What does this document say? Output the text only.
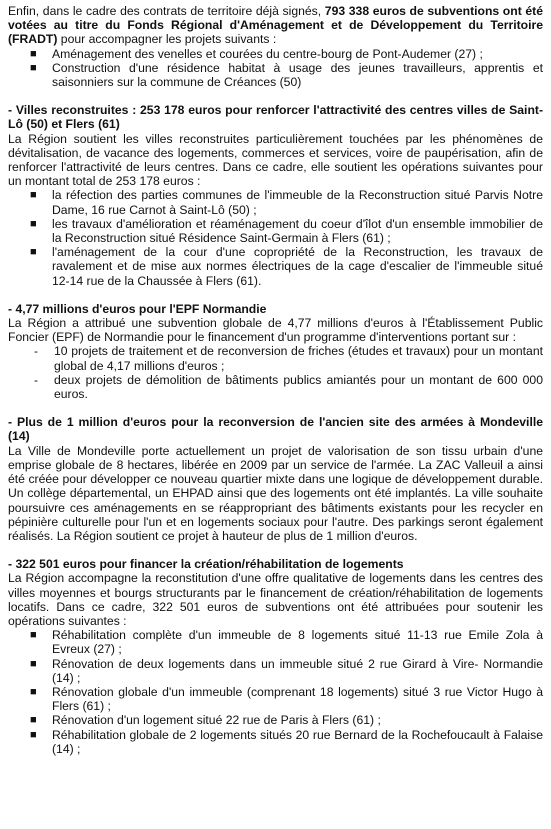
Enfin, dans le cadre des contrats de territoire déjà signés, 793 338 euros de subventions ont été votées au titre du Fonds Régional d'Aménagement et de Développement du Territoire (FRADT) pour accompagner les projets suivants :

■ Aménagement des venelles et courées du centre-bourg de Pont-Audemer (27) ;
■ Construction d'une résidence habitat à usage des jeunes travailleurs, apprentis et saisonniers sur la commune de Créances (50)

- Villes reconstruites : 253 178 euros pour renforcer l'attractivité des centres villes de Saint-Lô (50) et Flers (61)

La Région soutient les villes reconstruites particulièrement touchées par les phénomènes de dévitalisation, de vacance des logements, commerces et services, voire de paupérisation, afin de renforcer l'attractivité de leurs centres. Dans ce cadre, elle soutient les opérations suivantes pour un montant total de 253 178 euros :

■ la réfection des parties communes de l'immeuble de la Reconstruction situé Parvis Notre Dame, 16 rue Carnot à Saint-Lô (50) ;
■ les travaux d'amélioration et réaménagement du coeur d'îlot d'un ensemble immobilier de la Reconstruction situé Résidence Saint-Germain à Flers (61) ;
■ l'aménagement de la cour d'une copropriété de la Reconstruction, les travaux de ravalement et de mise aux normes électriques de la cage d'escalier de l'immeuble situé 12-14 rue de la Chaussée à Flers (61).

- 4,77 millions d'euros pour l'EPF Normandie

La Région a attribué une subvention globale de 4,77 millions d'euros à l'Établissement Public Foncier (EPF) de Normandie pour le financement d'un programme d'interventions portant sur :

- 10 projets de traitement et de reconversion de friches (études et travaux) pour un montant global de 4,17 millions d'euros ;
- deux projets de démolition de bâtiments publics amiantés pour un montant de 600 000 euros.

- Plus de 1 million d'euros pour la reconversion de l'ancien site des armées à Mondeville (14)

La Ville de Mondeville porte actuellement un projet de valorisation de son tissu urbain d'une emprise globale de 8 hectares, libérée en 2009 par un service de l'armée. La ZAC Valleuil a ainsi été créée pour développer ce nouveau quartier mixte dans une logique de développement durable. Un collège départemental, un EHPAD ainsi que des logements ont été implantés. La ville souhaite poursuivre ces aménagements en se réappropriant des bâtiments existants pour les recycler en pépinière culturelle pour l'un et en logements sociaux pour l'autre. Des parkings seront également réalisés. La Région soutient ce projet à hauteur de plus de 1 million d'euros.

- 322 501 euros pour financer la création/réhabilitation de logements

La Région accompagne la reconstitution d'une offre qualitative de logements dans les centres des villes moyennes et bourgs structurants par le financement de création/réhabilitation de logements locatifs. Dans ce cadre, 322 501 euros de subventions ont été attribuées pour soutenir les opérations suivantes :

■ Réhabilitation complète d'un immeuble de 8 logements situé 11-13 rue Emile Zola à Evreux (27) ;
■ Rénovation de deux logements dans un immeuble situé 2 rue Girard à Vire- Normandie (14) ;
■ Rénovation globale d'un immeuble (comprenant 18 logements) situé 3 rue Victor Hugo à Flers (61) ;
■ Rénovation d'un logement situé 22 rue de Paris à Flers (61) ;
■ Réhabilitation globale de 2 logements situés 20 rue Bernard de la Rochefoucault à Falaise (14) ;
